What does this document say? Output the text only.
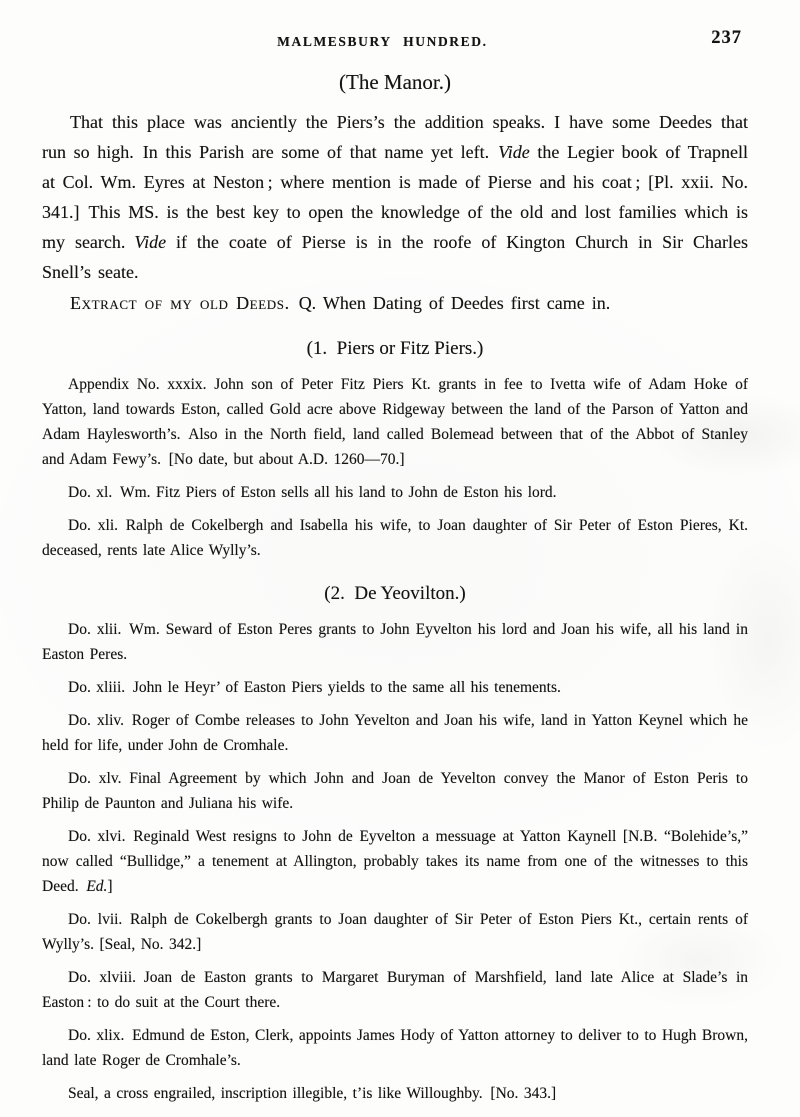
MALMESBURY HUNDRED.	237
(The Manor.)

That this place was anciently the Piers’s the addition speaks. I have some Deedes that run so high. In this Parish are some of that name yet left. Vide the Legier book of Trapnell at Col. Wm. Eyres at Neston ; where mention is made of Pierse and his coat ; [Pl. xxii. No. 341.] This MS. is the best key to open the knowledge of the old and lost families which is my search. Vide if the coate of Pierse is in the roofe of Kington Church in Sir Charles Snell’s seate.

Extract of my old Deeds. Q. When Dating of Deedes first came in.

(1. Piers or Fitz Piers.)

Appendix No. xxxix. John son of Peter Fitz Piers Kt. grants in fee to Ivetta wife of Adam Hoke of Yatton, land towards Eston, called Gold acre above Ridgeway between the land of the Parson of Yatton and Adam Haylesworth’s. Also in the North field, land called Bolemead between that of the Abbot of Stanley and Adam Fewy’s. [No date, but about A.D. 1260—70.]

Do. xl. Wm. Fitz Piers of Eston sells all his land to John de Eston his lord.

Do. xli. Ralph de Cokelbergh and Isabella his wife, to Joan daughter of Sir Peter of Eston Pieres, Kt. deceased, rents late Alice Wylly’s.

(2. De Yeovilton.)

Do. xlii. Wm. Seward of Eston Peres grants to John Eyvelton his lord and Joan his wife, all his land in Easton Peres.

Do. xliii. John le Heyr’ of Easton Piers yields to the same all his tenements.

Do. xliv. Roger of Combe releases to John Yevelton and Joan his wife, land in Yatton Keynel which he held for life, under John de Cromhale.

Do. xlv. Final Agreement by which John and Joan de Yevelton convey the Manor of Eston Peris to Philip de Paunton and Juliana his wife.

Do. xlvi. Reginald West resigns to John de Eyvelton a messuage at Yatton Kaynell [N.B. “Bolehide’s,” now called “Bullidge,” a tenement at Allington, probably takes its name from one of the witnesses to this Deed. Ed.]

Do. lvii. Ralph de Cokelbergh grants to Joan daughter of Sir Peter of Eston Piers Kt., certain rents of Wylly’s. [Seal, No. 342.]

Do. xlviii. Joan de Easton grants to Margaret Buryman of Marshfield, land late Alice at Slade’s in Easton : to do suit at the Court there.

Do. xlix. Edmund de Eston, Clerk, appoints James Hody of Yatton attorney to deliver to to Hugh Brown, land late Roger de Cromhale’s.

Seal, a cross engrailed, inscription illegible, t’is like Willoughby. [No. 343.]
